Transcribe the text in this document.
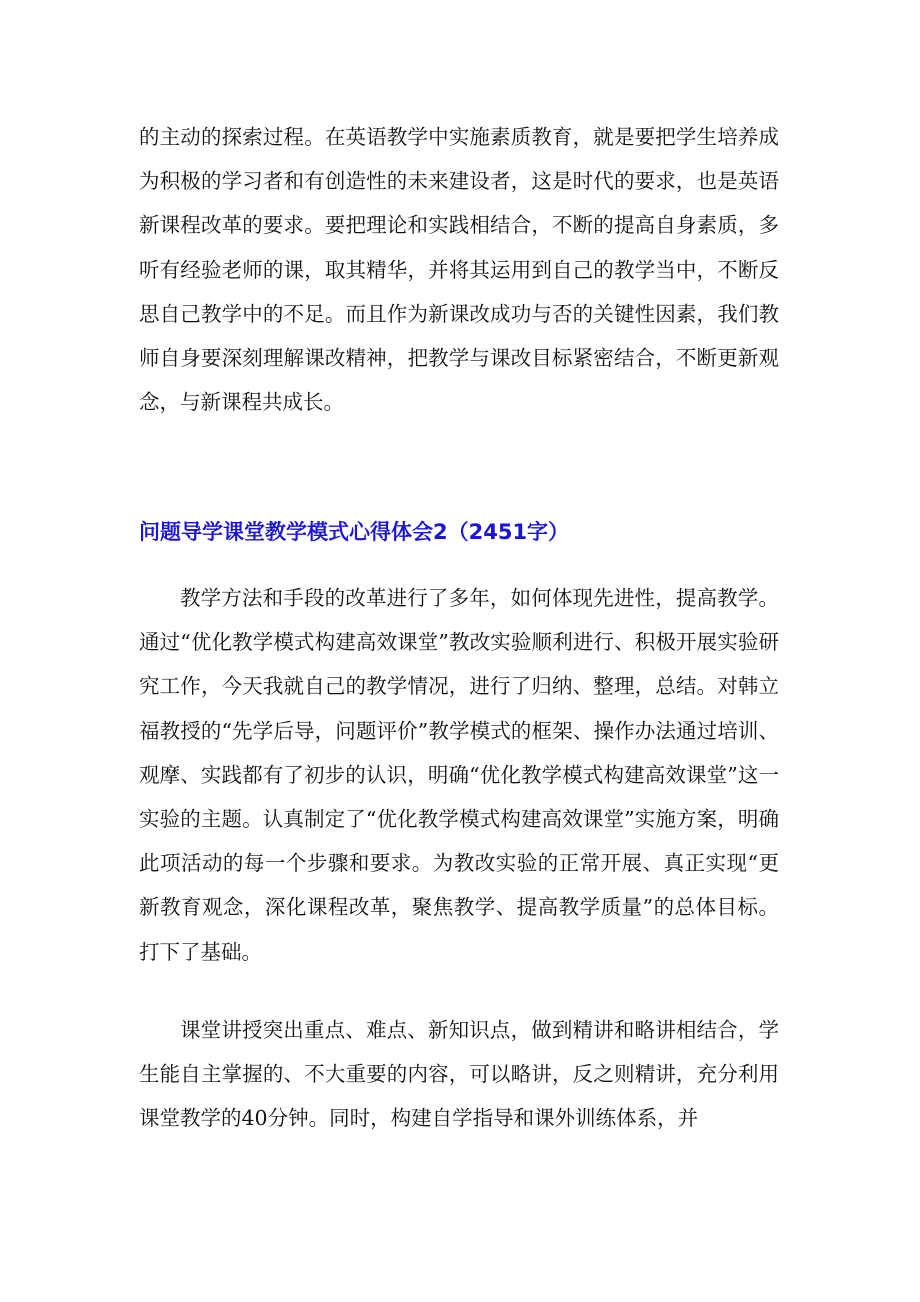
的主动的探索过程。在英语教学中实施素质教育，就是要把学生培养成为积极的学习者和有创造性的未来建设者，这是时代的要求，也是英语新课程改革的要求。要把理论和实践相结合，不断的提高自身素质，多听有经验老师的课，取其精华，并将其运用到自己的教学当中，不断反思自己教学中的不足。而且作为新课改成功与否的关键性因素，我们教师自身要深刻理解课改精神，把教学与课改目标紧密结合，不断更新观念，与新课程共成长。

问题导学课堂教学模式心得体会2（2451字）

教学方法和手段的改革进行了多年，如何体现先进性，提高教学。通过“优化教学模式构建高效课堂”教改实验顺利进行、积极开展实验研究工作，今天我就自己的教学情况，进行了归纳、整理，总结。对韩立福教授的“先学后导，问题评价”教学模式的框架、操作办法通过培训、观摩、实践都有了初步的认识，明确“优化教学模式构建高效课堂”这一实验的主题。认真制定了“优化教学模式构建高效课堂”实施方案，明确此项活动的每一个步骤和要求。为教改实验的正常开展、真正实现“更新教育观念，深化课程改革，聚焦教学、提高教学质量”的总体目标。打下了基础。

课堂讲授突出重点、难点、新知识点，做到精讲和略讲相结合，学生能自主掌握的、不大重要的内容，可以略讲，反之则精讲，充分利用课堂教学的40分钟。同时，构建自学指导和课外训练体系，并
